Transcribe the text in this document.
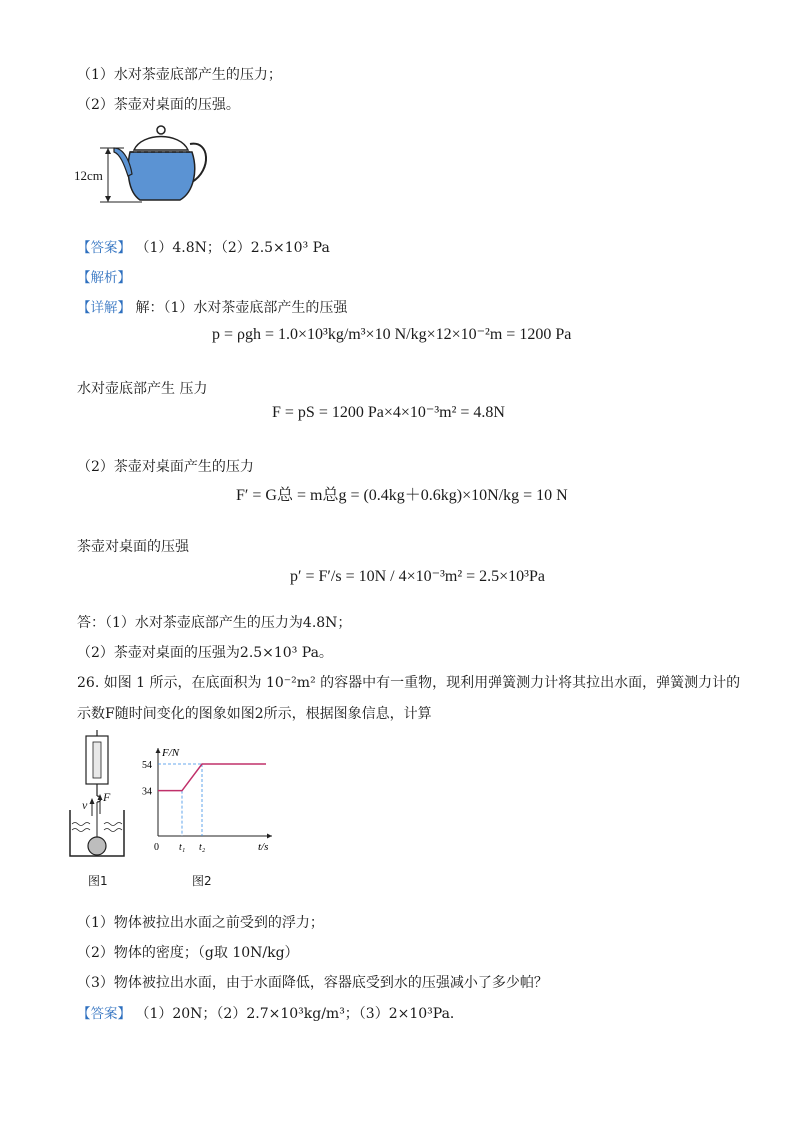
（1）水对茶壶底部产生的压力；
（2）茶壶对桌面的压强。
12cm
【答案】 （1）4.8N；（2）2.5×10³ Pa
【解析】
【详解】 解：（1）水对茶壶底部产生的压强
p = ρgh = 1.0×10³kg/m³×10 N/kg×12×10⁻²m = 1200 Pa
水对壶底部产生 压力
F = pS = 1200 Pa×4×10⁻³m² = 4.8N
（2）茶壶对桌面产生的压力
F′ = G总 = m总g = (0.4kg＋0.6kg)×10N/kg = 10 N
茶壶对桌面的压强
p′ = F′/s = 10N / 4×10⁻³m² = 2.5×10³Pa
答：（1）水对茶壶底部产生的压力为4.8N；
（2）茶壶对桌面的压强为2.5×10³ Pa。
26. 如图 1 所示，在底面积为 10⁻²m² 的容器中有一重物，现利用弹簧测力计将其拉出水面，弹簧测力计的
示数F随时间变化的图象如图2所示，根据图象信息，计算
v
F
图1
F/N
t/s
0
34
54
t₁ t₂
图2
（1）物体被拉出水面之前受到的浮力；
（2）物体的密度；（g取 10N/kg）
（3）物体被拉出水面，由于水面降低，容器底受到水的压强减小了多少帕？
【答案】 （1）20N；（2）2.7×10³kg/m³；（3）2×10³Pa．
